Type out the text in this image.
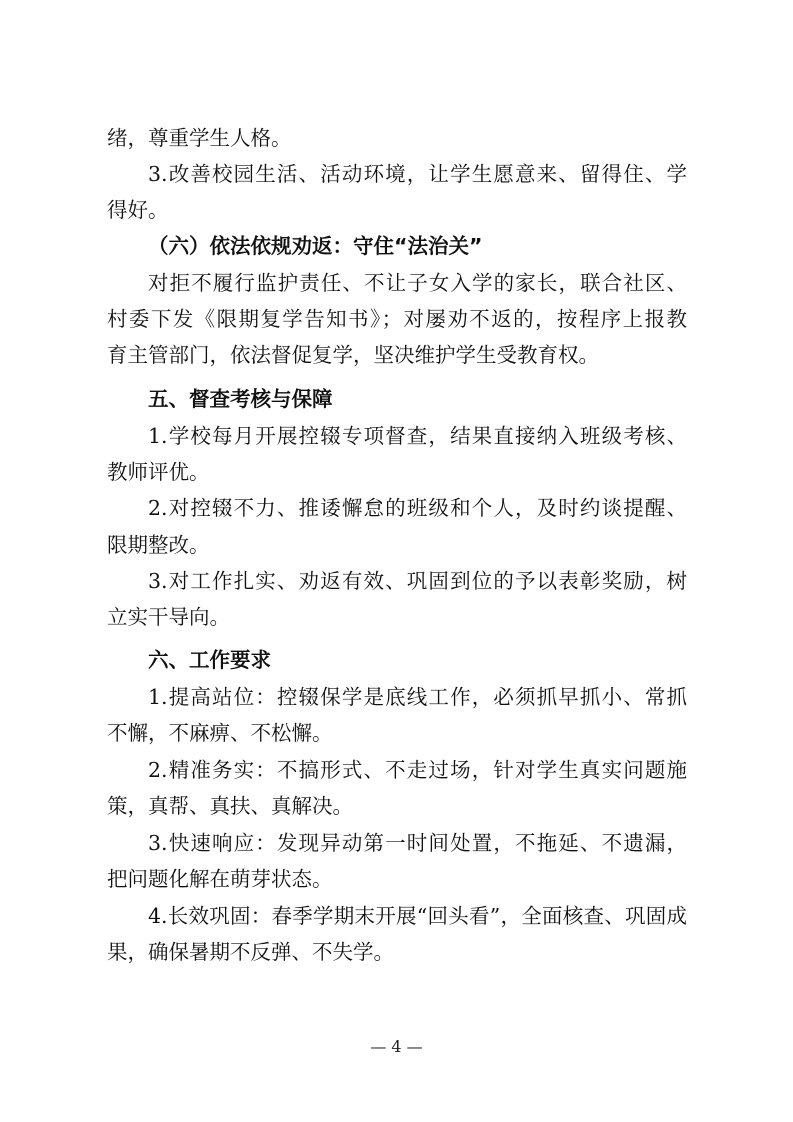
绪，尊重学生人格。
3.改善校园生活、活动环境，让学生愿意来、留得住、学
得好。
（六）依法依规劝返：守住“法治关”
对拒不履行监护责任、不让子女入学的家长，联合社区、
村委下发《限期复学告知书》；对屡劝不返的，按程序上报教
育主管部门，依法督促复学，坚决维护学生受教育权。
五、督查考核与保障
1.学校每月开展控辍专项督查，结果直接纳入班级考核、
教师评优。
2.对控辍不力、推诿懈怠的班级和个人，及时约谈提醒、
限期整改。
3.对工作扎实、劝返有效、巩固到位的予以表彰奖励，树
立实干导向。
六、工作要求
1.提高站位：控辍保学是底线工作，必须抓早抓小、常抓
不懈，不麻痹、不松懈。
2.精准务实：不搞形式、不走过场，针对学生真实问题施
策，真帮、真扶、真解决。
3.快速响应：发现异动第一时间处置，不拖延、不遗漏，
把问题化解在萌芽状态。
4.长效巩固：春季学期末开展“回头看”，全面核查、巩固成
果，确保暑期不反弹、不失学。
— 4 —
